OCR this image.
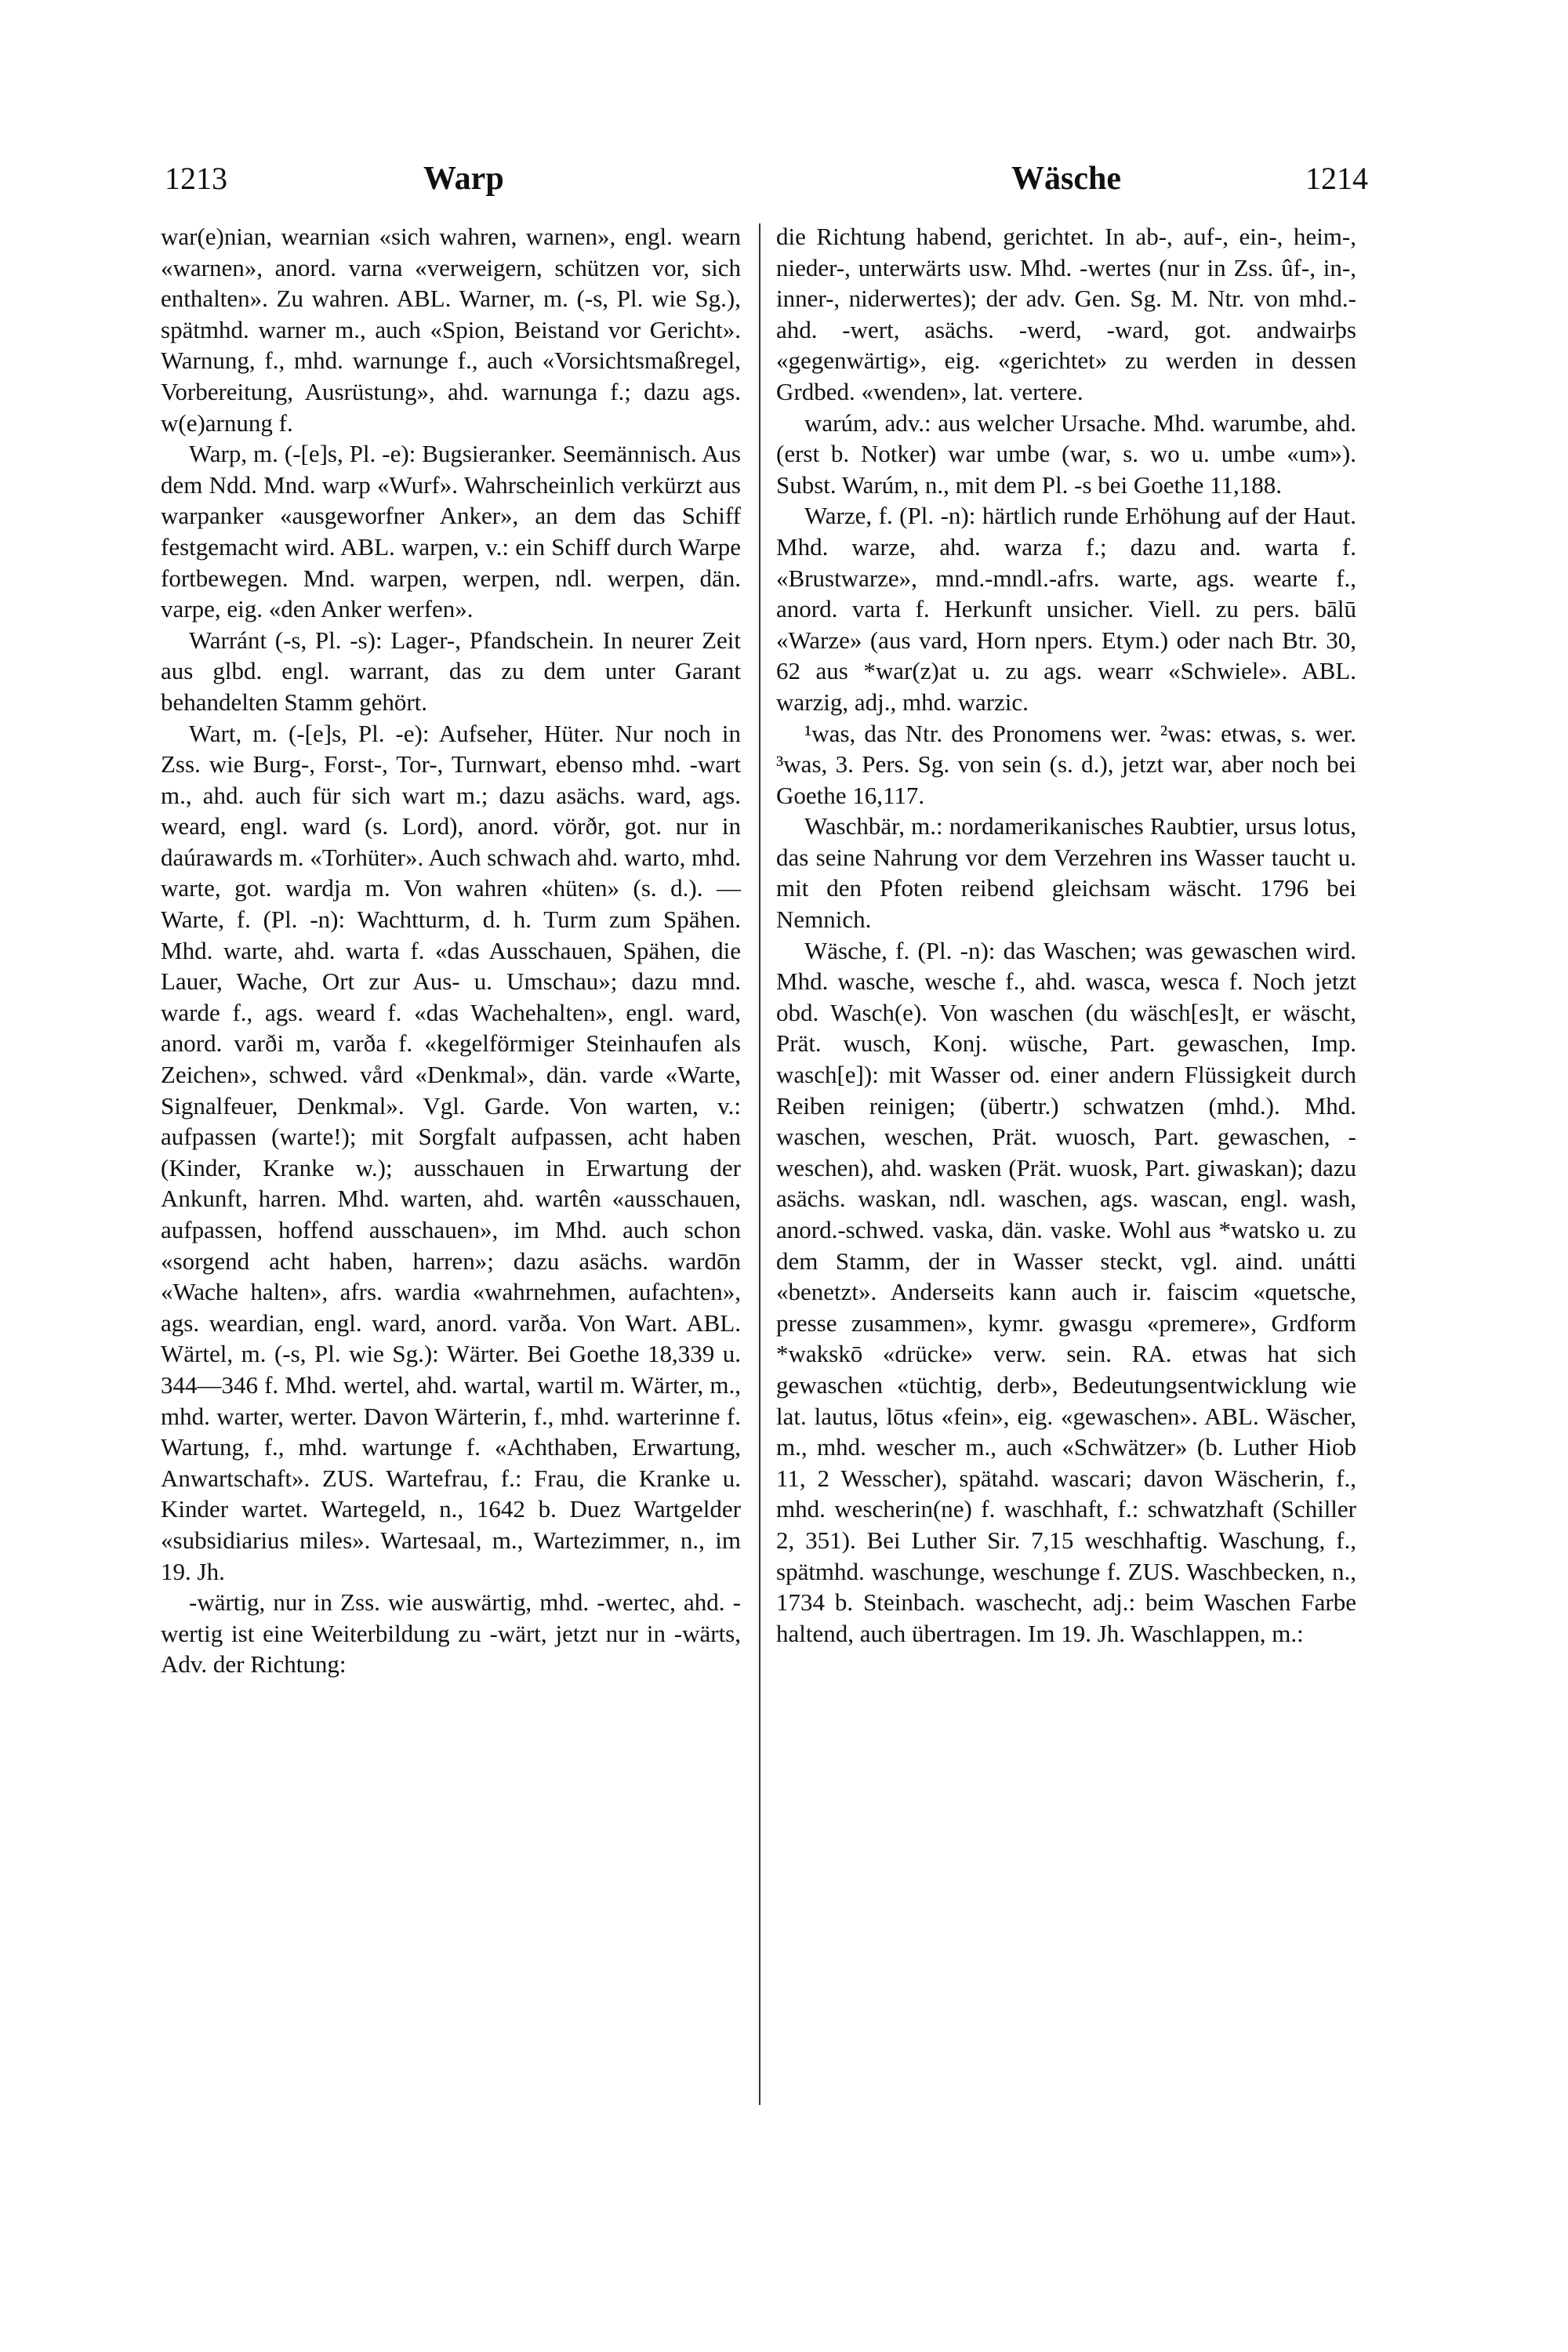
1213	Warp	Wäsche	1214

war(e)nian, wearnian «sich wahren, warnen», engl. wearn «warnen», anord. varna «verweigern, schützen vor, sich enthalten». Zu wahren. ABL. Warner, m. (-s, Pl. wie Sg.), spätmhd. warner m., auch «Spion, Beistand vor Gericht». Warnung, f., mhd. warnunge f., auch «Vorsichtsmaßregel, Vorbereitung, Ausrüstung», ahd. warnunga f.; dazu ags. w(e)arnung f.

Warp, m. (-[e]s, Pl. -e): Bugsieranker. Seemännisch. Aus dem Ndd. Mnd. warp «Wurf». Wahrscheinlich verkürzt aus warpanker «ausgeworfner Anker», an dem das Schiff festgemacht wird. ABL. warpen, v.: ein Schiff durch Warpe fortbewegen. Mnd. warpen, werpen, ndl. werpen, dän. varpe, eig. «den Anker werfen».

Warránt (-s, Pl. -s): Lager-, Pfandschein. In neurer Zeit aus glbd. engl. warrant, das zu dem unter Garant behandelten Stamm gehört.

Wart, m. (-[e]s, Pl. -e): Aufseher, Hüter. Nur noch in Zss. wie Burg-, Forst-, Tor-, Turnwart, ebenso mhd. -wart m., ahd. auch für sich wart m.; dazu asächs. ward, ags. weard, engl. ward (s. Lord), anord. vörðr, got. nur in daúrawards m. «Torhüter». Auch schwach ahd. warto, mhd. warte, got. wardja m. Von wahren «hüten» (s. d.). — Warte, f. (Pl. -n): Wachtturm, d. h. Turm zum Spähen. Mhd. warte, ahd. warta f. «das Ausschauen, Spähen, die Lauer, Wache, Ort zur Aus- u. Umschau»; dazu mnd. warde f., ags. weard f. «das Wachehalten», engl. ward, anord. varði m, varða f. «kegelförmiger Steinhaufen als Zeichen», schwed. vård «Denkmal», dän. varde «Warte, Signalfeuer, Denkmal». Vgl. Garde. Von warten, v.: aufpassen (warte!); mit Sorgfalt aufpassen, acht haben (Kinder, Kranke w.); ausschauen in Erwartung der Ankunft, harren. Mhd. warten, ahd. wartên «ausschauen, aufpassen, hoffend ausschauen», im Mhd. auch schon «sorgend acht haben, harren»; dazu asächs. wardōn «Wache halten», afrs. wardia «wahrnehmen, aufachten», ags. weardian, engl. ward, anord. varða. Von Wart. ABL. Wärtel, m. (-s, Pl. wie Sg.): Wärter. Bei Goethe 18,339 u. 344—346 f. Mhd. wertel, ahd. wartal, wartil m. Wärter, m., mhd. warter, werter. Davon Wärterin, f., mhd. warterinne f. Wartung, f., mhd. wartunge f. «Achthaben, Erwartung, Anwartschaft». ZUS. Wartefrau, f.: Frau, die Kranke u. Kinder wartet. Wartegeld, n., 1642 b. Duez Wartgelder «subsidiarius miles». Wartesaal, m., Wartezimmer, n., im 19. Jh.

-wärtig, nur in Zss. wie auswärtig, mhd. -wertec, ahd. -wertig ist eine Weiterbildung zu -wärt, jetzt nur in -wärts, Adv. der Richtung:

die Richtung habend, gerichtet. In ab-, auf-, ein-, heim-, nieder-, unterwärts usw. Mhd. -wertes (nur in Zss. ûf-, in-, inner-, niderwertes); der adv. Gen. Sg. M. Ntr. von mhd.-ahd. -wert, asächs. -werd, -ward, got. andwairþs «gegenwärtig», eig. «gerichtet» zu werden in dessen Grdbed. «wenden», lat. vertere.

warúm, adv.: aus welcher Ursache. Mhd. warumbe, ahd. (erst b. Notker) war umbe (war, s. wo u. umbe «um»). Subst. Warúm, n., mit dem Pl. -s bei Goethe 11,188.

Warze, f. (Pl. -n): härtlich runde Erhöhung auf der Haut. Mhd. warze, ahd. warza f.; dazu and. warta f. «Brustwarze», mnd.-mndl.-afrs. warte, ags. wearte f., anord. varta f. Herkunft unsicher. Viell. zu pers. bālū «Warze» (aus vard, Horn npers. Etym.) oder nach Btr. 30, 62 aus *war(z)at u. zu ags. wearr «Schwiele». ABL. warzig, adj., mhd. warzic.

¹was, das Ntr. des Pronomens wer. ²was: etwas, s. wer. ³was, 3. Pers. Sg. von sein (s. d.), jetzt war, aber noch bei Goethe 16,117.

Waschbär, m.: nordamerikanisches Raubtier, ursus lotus, das seine Nahrung vor dem Verzehren ins Wasser taucht u. mit den Pfoten reibend gleichsam wäscht. 1796 bei Nemnich.

Wäsche, f. (Pl. -n): das Waschen; was gewaschen wird. Mhd. wasche, wesche f., ahd. wasca, wesca f. Noch jetzt obd. Wasch(e). Von waschen (du wäsch[es]t, er wäscht, Prät. wusch, Konj. wüsche, Part. gewaschen, Imp. wasch[e]): mit Wasser od. einer andern Flüssigkeit durch Reiben reinigen; (übertr.) schwatzen (mhd.). Mhd. waschen, weschen, Prät. wuosch, Part. gewaschen, -weschen), ahd. wasken (Prät. wuosk, Part. giwaskan); dazu asächs. waskan, ndl. waschen, ags. wascan, engl. wash, anord.-schwed. vaska, dän. vaske. Wohl aus *watsko u. zu dem Stamm, der in Wasser steckt, vgl. aind. unátti «benetzt». Anderseits kann auch ir. faiscim «quetsche, presse zusammen», kymr. gwasgu «premere», Grdform *wakskō «drücke» verw. sein. RA. etwas hat sich gewaschen «tüchtig, derb», Bedeutungsentwicklung wie lat. lautus, lōtus «fein», eig. «gewaschen». ABL. Wäscher, m., mhd. wescher m., auch «Schwätzer» (b. Luther Hiob 11, 2 Wesscher), spätahd. wascari; davon Wäscherin, f., mhd. wescherin(ne) f. waschhaft, f.: schwatzhaft (Schiller 2, 351). Bei Luther Sir. 7,15 weschhaftig. Waschung, f., spätmhd. waschunge, weschunge f. ZUS. Waschbecken, n., 1734 b. Steinbach. waschecht, adj.: beim Waschen Farbe haltend, auch übertragen. Im 19. Jh. Waschlappen, m.:
